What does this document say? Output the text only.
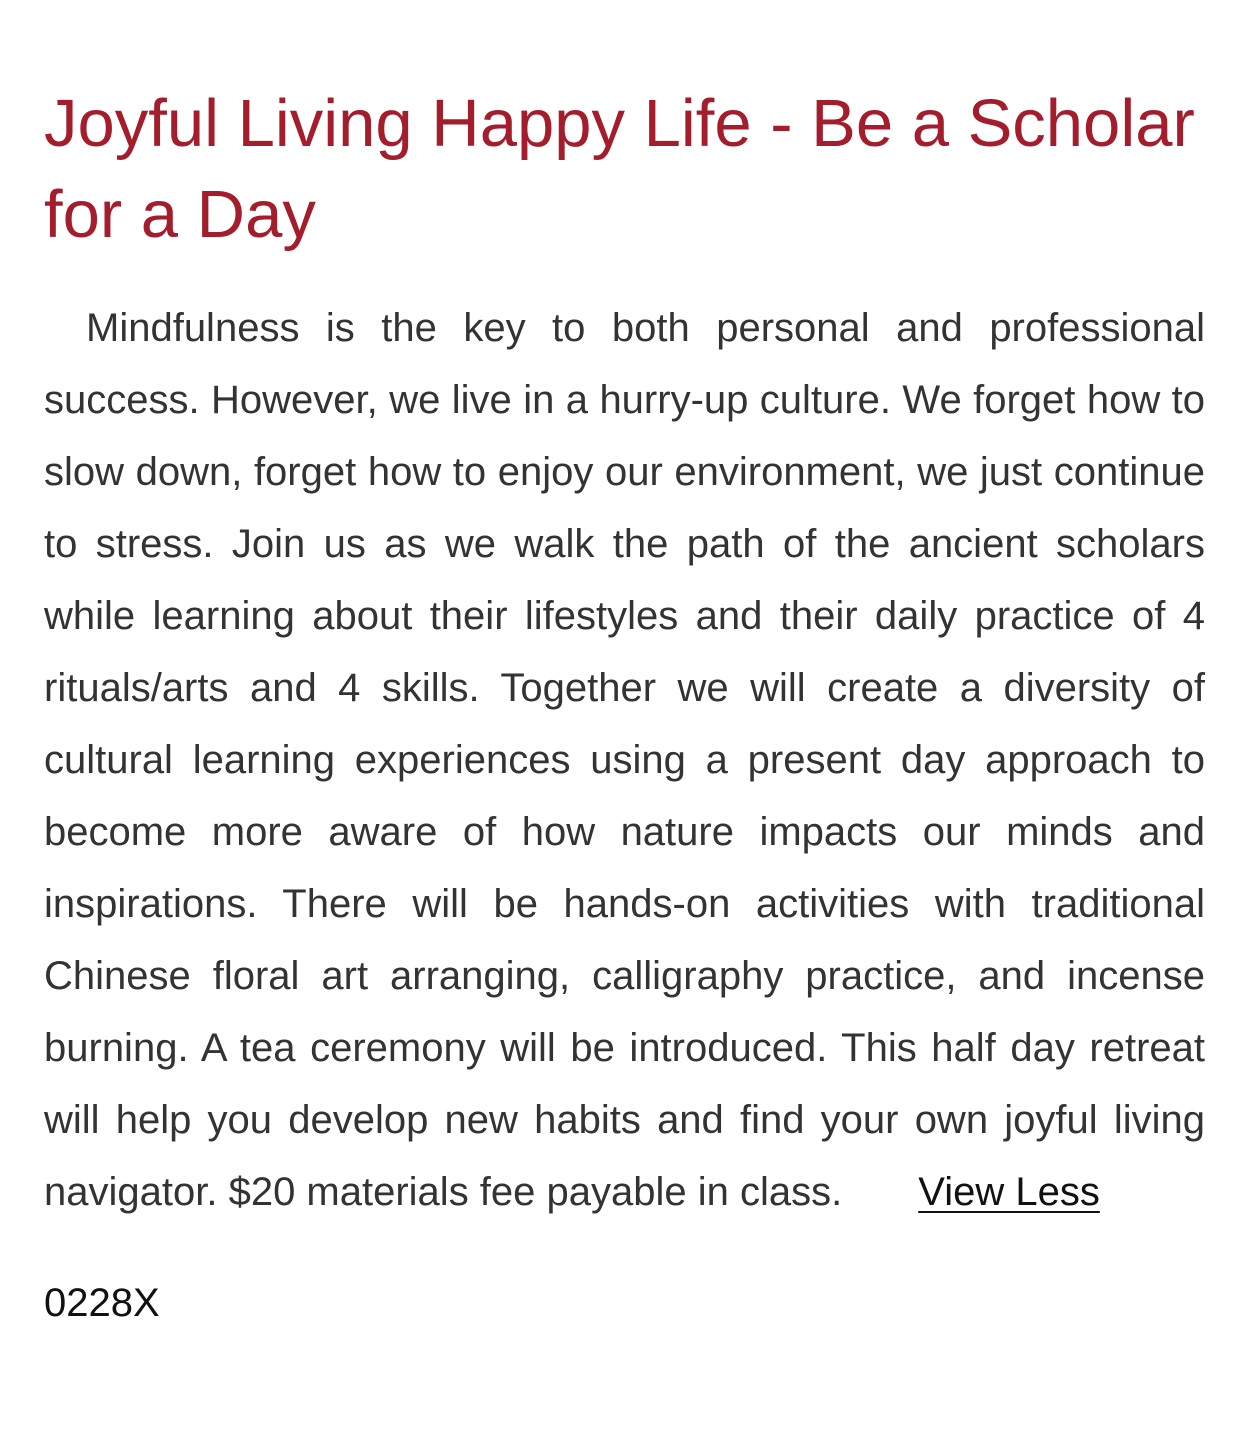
Joyful Living Happy Life - Be a Scholar for a Day

Mindfulness is the key to both personal and professional success. However, we live in a hurry-up culture. We forget how to slow down, forget how to enjoy our environment, we just continue to stress. Join us as we walk the path of the ancient scholars while learning about their lifestyles and their daily practice of 4 rituals/arts and 4 skills. Together we will create a diversity of cultural learning experiences using a present day approach to become more aware of how nature impacts our minds and inspirations. There will be hands-on activities with traditional Chinese floral art arranging, calligraphy practice, and incense burning. A tea ceremony will be introduced. This half day retreat will help you develop new habits and find your own joyful living navigator. $20 materials fee payable in class. View Less

0228X
